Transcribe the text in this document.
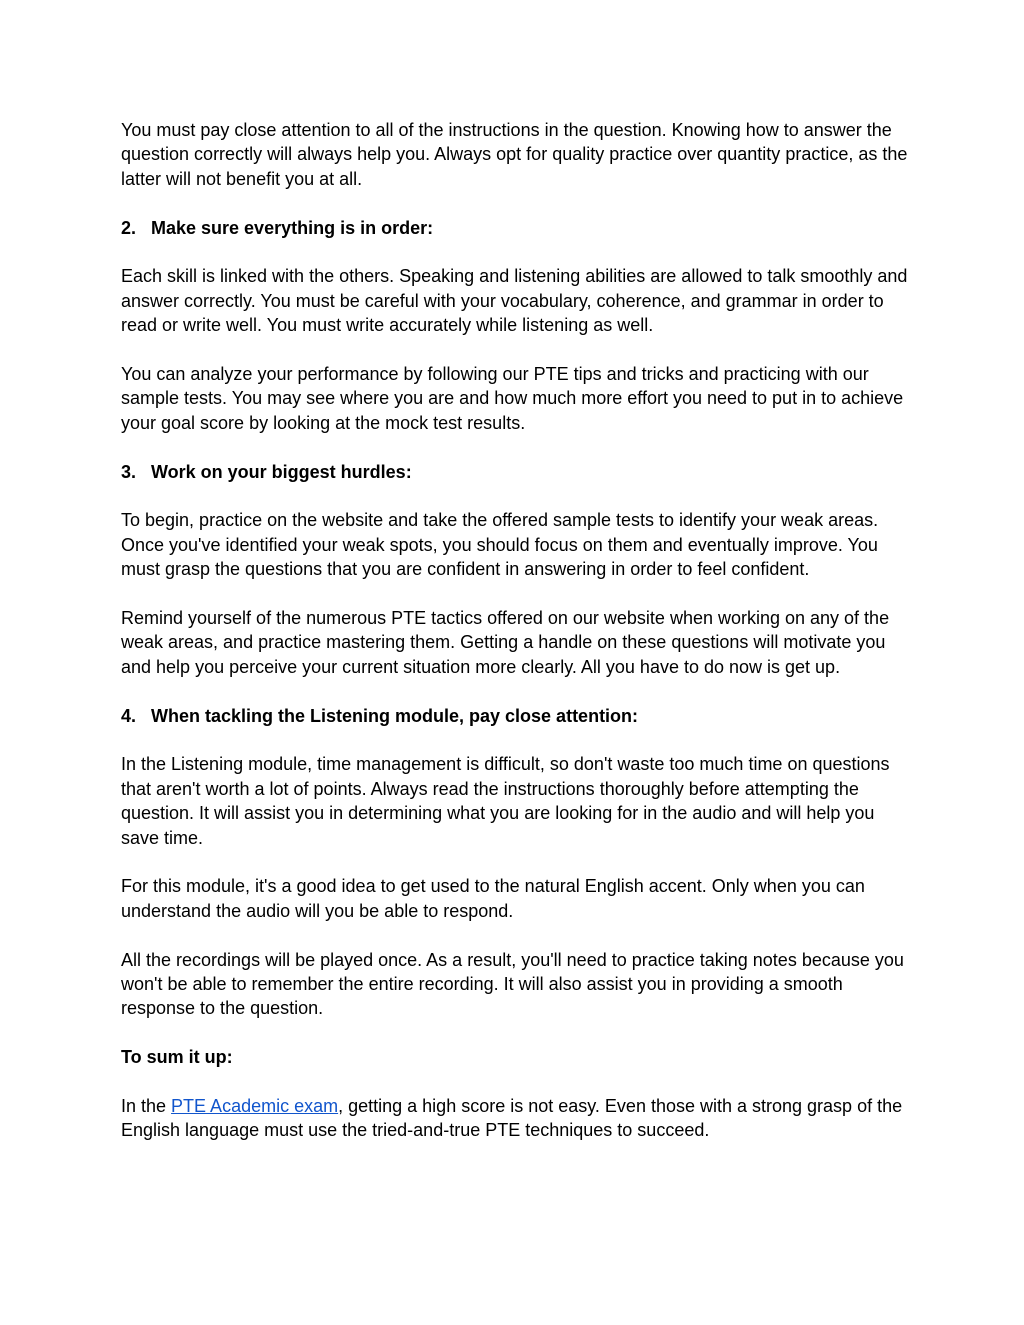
You must pay close attention to all of the instructions in the question. Knowing how to answer the question correctly will always help you. Always opt for quality practice over quantity practice, as the latter will not benefit you at all.

2. Make sure everything is in order:

Each skill is linked with the others. Speaking and listening abilities are allowed to talk smoothly and answer correctly. You must be careful with your vocabulary, coherence, and grammar in order to read or write well. You must write accurately while listening as well.

You can analyze your performance by following our PTE tips and tricks and practicing with our sample tests. You may see where you are and how much more effort you need to put in to achieve your goal score by looking at the mock test results.

3. Work on your biggest hurdles:

To begin, practice on the website and take the offered sample tests to identify your weak areas. Once you've identified your weak spots, you should focus on them and eventually improve. You must grasp the questions that you are confident in answering in order to feel confident.

Remind yourself of the numerous PTE tactics offered on our website when working on any of the weak areas, and practice mastering them. Getting a handle on these questions will motivate you and help you perceive your current situation more clearly. All you have to do now is get up.

4. When tackling the Listening module, pay close attention:

In the Listening module, time management is difficult, so don't waste too much time on questions that aren't worth a lot of points. Always read the instructions thoroughly before attempting the question. It will assist you in determining what you are looking for in the audio and will help you save time.

For this module, it's a good idea to get used to the natural English accent. Only when you can understand the audio will you be able to respond.

All the recordings will be played once. As a result, you'll need to practice taking notes because you won't be able to remember the entire recording. It will also assist you in providing a smooth response to the question.

To sum it up:

In the PTE Academic exam, getting a high score is not easy. Even those with a strong grasp of the English language must use the tried-and-true PTE techniques to succeed.
